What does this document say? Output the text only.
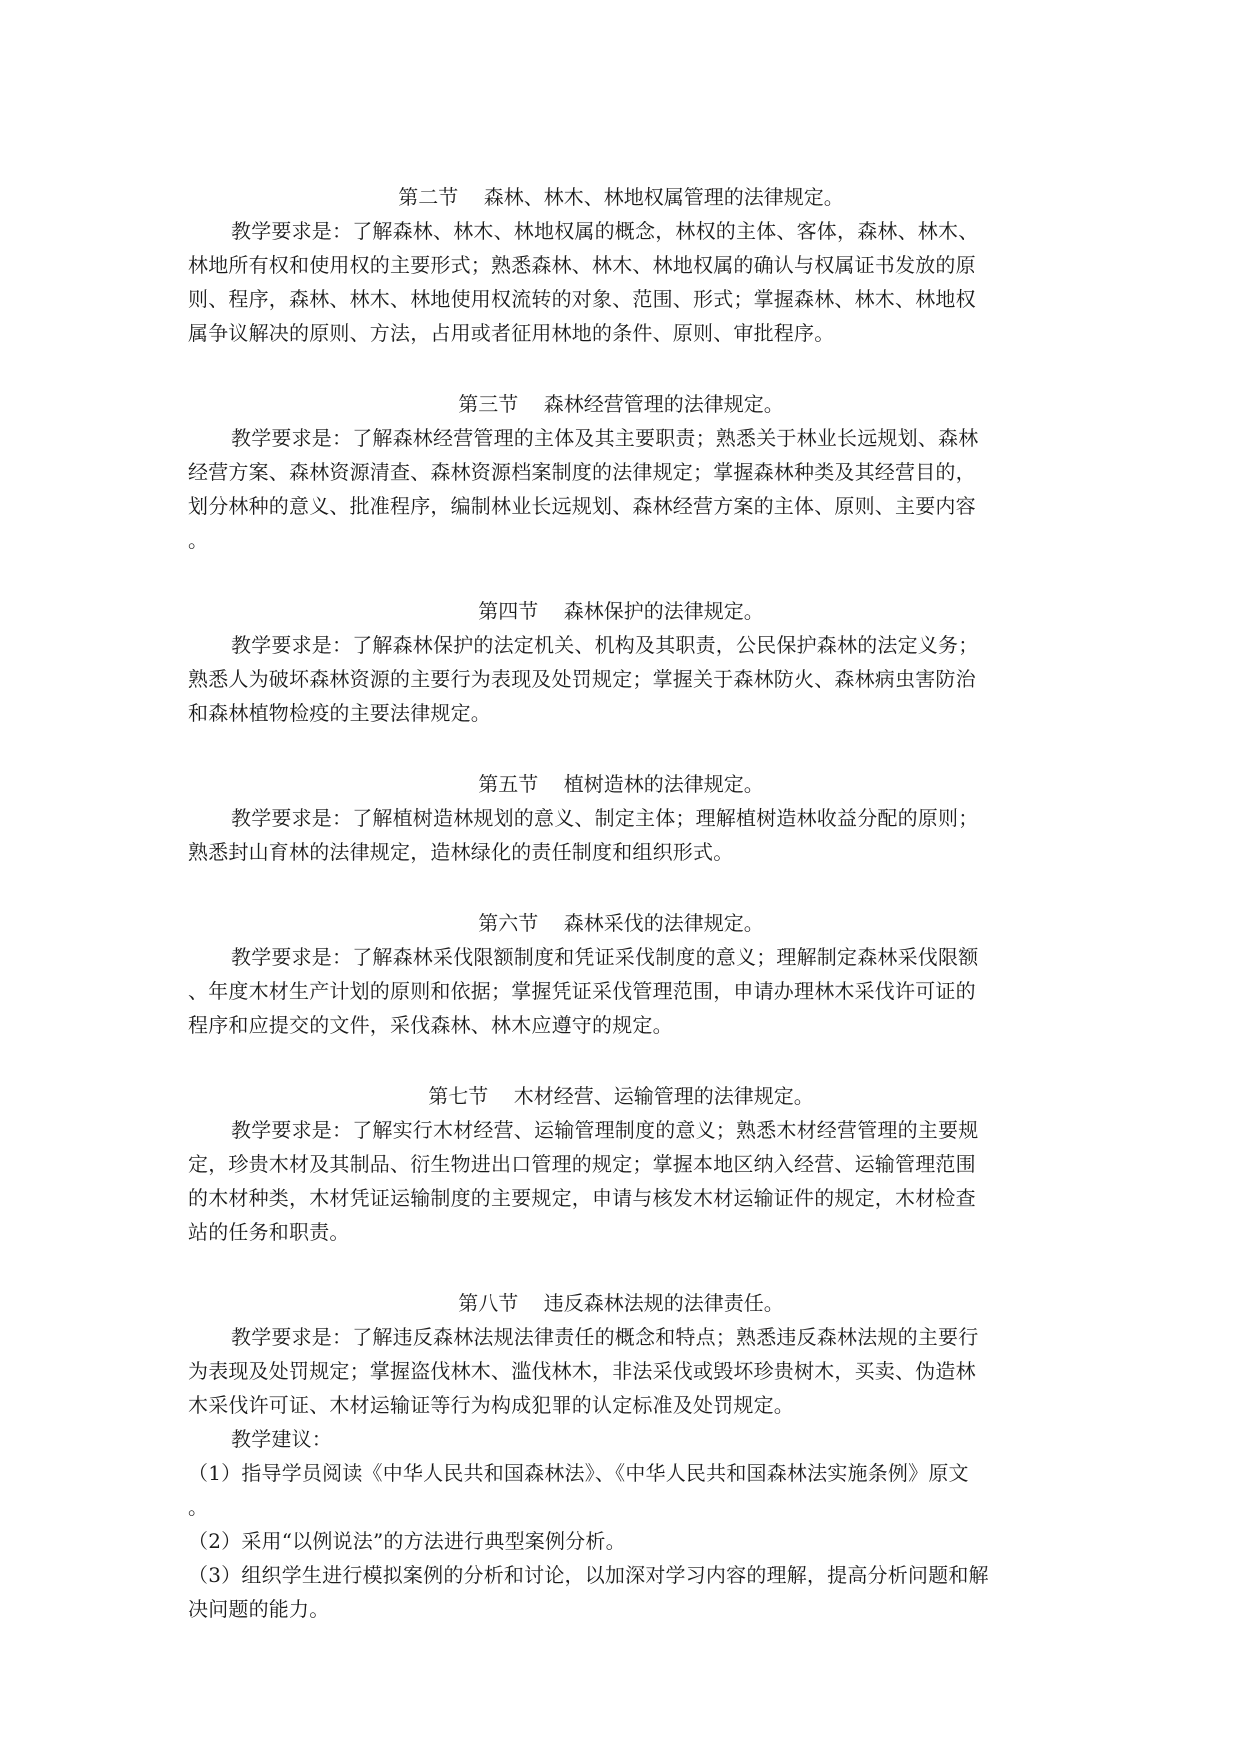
第二节    森林、林木、林地权属管理的法律规定。
教学要求是：了解森林、林木、林地权属的概念，林权的主体、客体，森林、林木、
林地所有权和使用权的主要形式；熟悉森林、林木、林地权属的确认与权属证书发放的原
则、程序，森林、林木、林地使用权流转的对象、范围、形式；掌握森林、林木、林地权
属争议解决的原则、方法，占用或者征用林地的条件、原则、审批程序。
第三节    森林经营管理的法律规定。
教学要求是：了解森林经营管理的主体及其主要职责；熟悉关于林业长远规划、森林
经营方案、森林资源清查、森林资源档案制度的法律规定；掌握森林种类及其经营目的，
划分林种的意义、批准程序，编制林业长远规划、森林经营方案的主体、原则、主要内容
。
第四节    森林保护的法律规定。
教学要求是：了解森林保护的法定机关、机构及其职责，公民保护森林的法定义务；
熟悉人为破坏森林资源的主要行为表现及处罚规定；掌握关于森林防火、森林病虫害防治
和森林植物检疫的主要法律规定。
第五节    植树造林的法律规定。
教学要求是：了解植树造林规划的意义、制定主体；理解植树造林收益分配的原则；
熟悉封山育林的法律规定，造林绿化的责任制度和组织形式。
第六节    森林采伐的法律规定。
教学要求是：了解森林采伐限额制度和凭证采伐制度的意义；理解制定森林采伐限额
、年度木材生产计划的原则和依据；掌握凭证采伐管理范围，申请办理林木采伐许可证的
程序和应提交的文件，采伐森林、林木应遵守的规定。
第七节    木材经营、运输管理的法律规定。
教学要求是：了解实行木材经营、运输管理制度的意义；熟悉木材经营管理的主要规
定，珍贵木材及其制品、衍生物进出口管理的规定；掌握本地区纳入经营、运输管理范围
的木材种类，木材凭证运输制度的主要规定，申请与核发木材运输证件的规定，木材检查
站的任务和职责。
第八节    违反森林法规的法律责任。
教学要求是：了解违反森林法规法律责任的概念和特点；熟悉违反森林法规的主要行
为表现及处罚规定；掌握盗伐林木、滥伐林木，非法采伐或毁坏珍贵树木，买卖、伪造林
木采伐许可证、木材运输证等行为构成犯罪的认定标准及处罚规定。
教学建议：
（1）指导学员阅读《中华人民共和国森林法》、《中华人民共和国森林法实施条例》原文
。
（2）采用“以例说法”的方法进行典型案例分析。
（3）组织学生进行模拟案例的分析和讨论，以加深对学习内容的理解，提高分析问题和解
决问题的能力。
